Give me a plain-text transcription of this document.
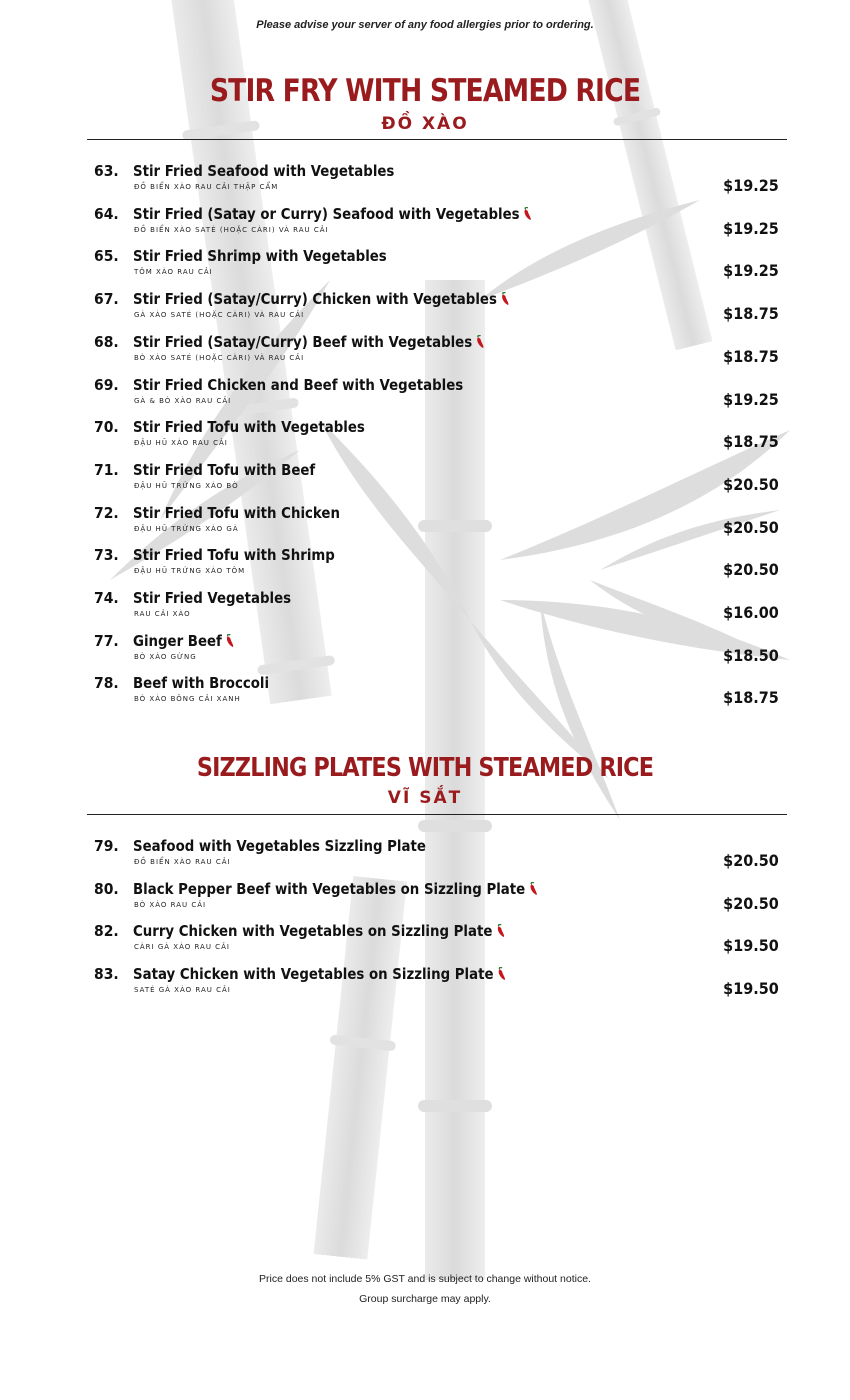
Please advise your server of any food allergies prior to ordering.
STIR FRY WITH STEAMED RICE
ĐỒ XÀO
63. Stir Fried Seafood with Vegetables
ĐỒ BIỂN XÀO RAU CẢI THẬP CẨM	$19.25
64. Stir Fried (Satay or Curry) Seafood with Vegetables
ĐỒ BIỂN XÀO SATÉ (HOẶC CÀRI) VÀ RAU CẢI	$19.25
65. Stir Fried Shrimp with Vegetables
TÔM XÀO RAU CẢI	$19.25
67. Stir Fried (Satay/Curry) Chicken with Vegetables
GÀ XÀO SATÉ (HOẶC CÀRI) VÀ RAU CẢI	$18.75
68. Stir Fried (Satay/Curry) Beef with Vegetables
BÒ XÀO SATÉ (HOẶC CÀRI) VÀ RAU CẢI	$18.75
69. Stir Fried Chicken and Beef with Vegetables
GÀ & BÒ XÀO RAU CẢI	$19.25
70. Stir Fried Tofu with Vegetables
ĐẬU HŨ XÀO RAU CẢI	$18.75
71. Stir Fried Tofu with Beef
ĐẬU HŨ TRỨNG XÀO BÒ	$20.50
72. Stir Fried Tofu with Chicken
ĐẬU HŨ TRỨNG XÀO GÀ	$20.50
73. Stir Fried Tofu with Shrimp
ĐẬU HŨ TRỨNG XÀO TÔM	$20.50
74. Stir Fried Vegetables
RAU CẢI XÀO	$16.00
77. Ginger Beef
BÒ XÀO GỪNG	$18.50
78. Beef with Broccoli
BÒ XÀO BÔNG CẢI XANH	$18.75
SIZZLING PLATES WITH STEAMED RICE
VĨ SẮT
79. Seafood with Vegetables Sizzling Plate
ĐỒ BIỂN XÀO RAU CẢI	$20.50
80. Black Pepper Beef with Vegetables on Sizzling Plate
BÒ XÀO RAU CẢI	$20.50
82. Curry Chicken with Vegetables on Sizzling Plate
CÀRI GÀ XÀO RAU CẢI	$19.50
83. Satay Chicken with Vegetables on Sizzling Plate
SATÉ GÀ XÀO RAU CẢI	$19.50
Price does not include 5% GST and is subject to change without notice.
Group surcharge may apply.
